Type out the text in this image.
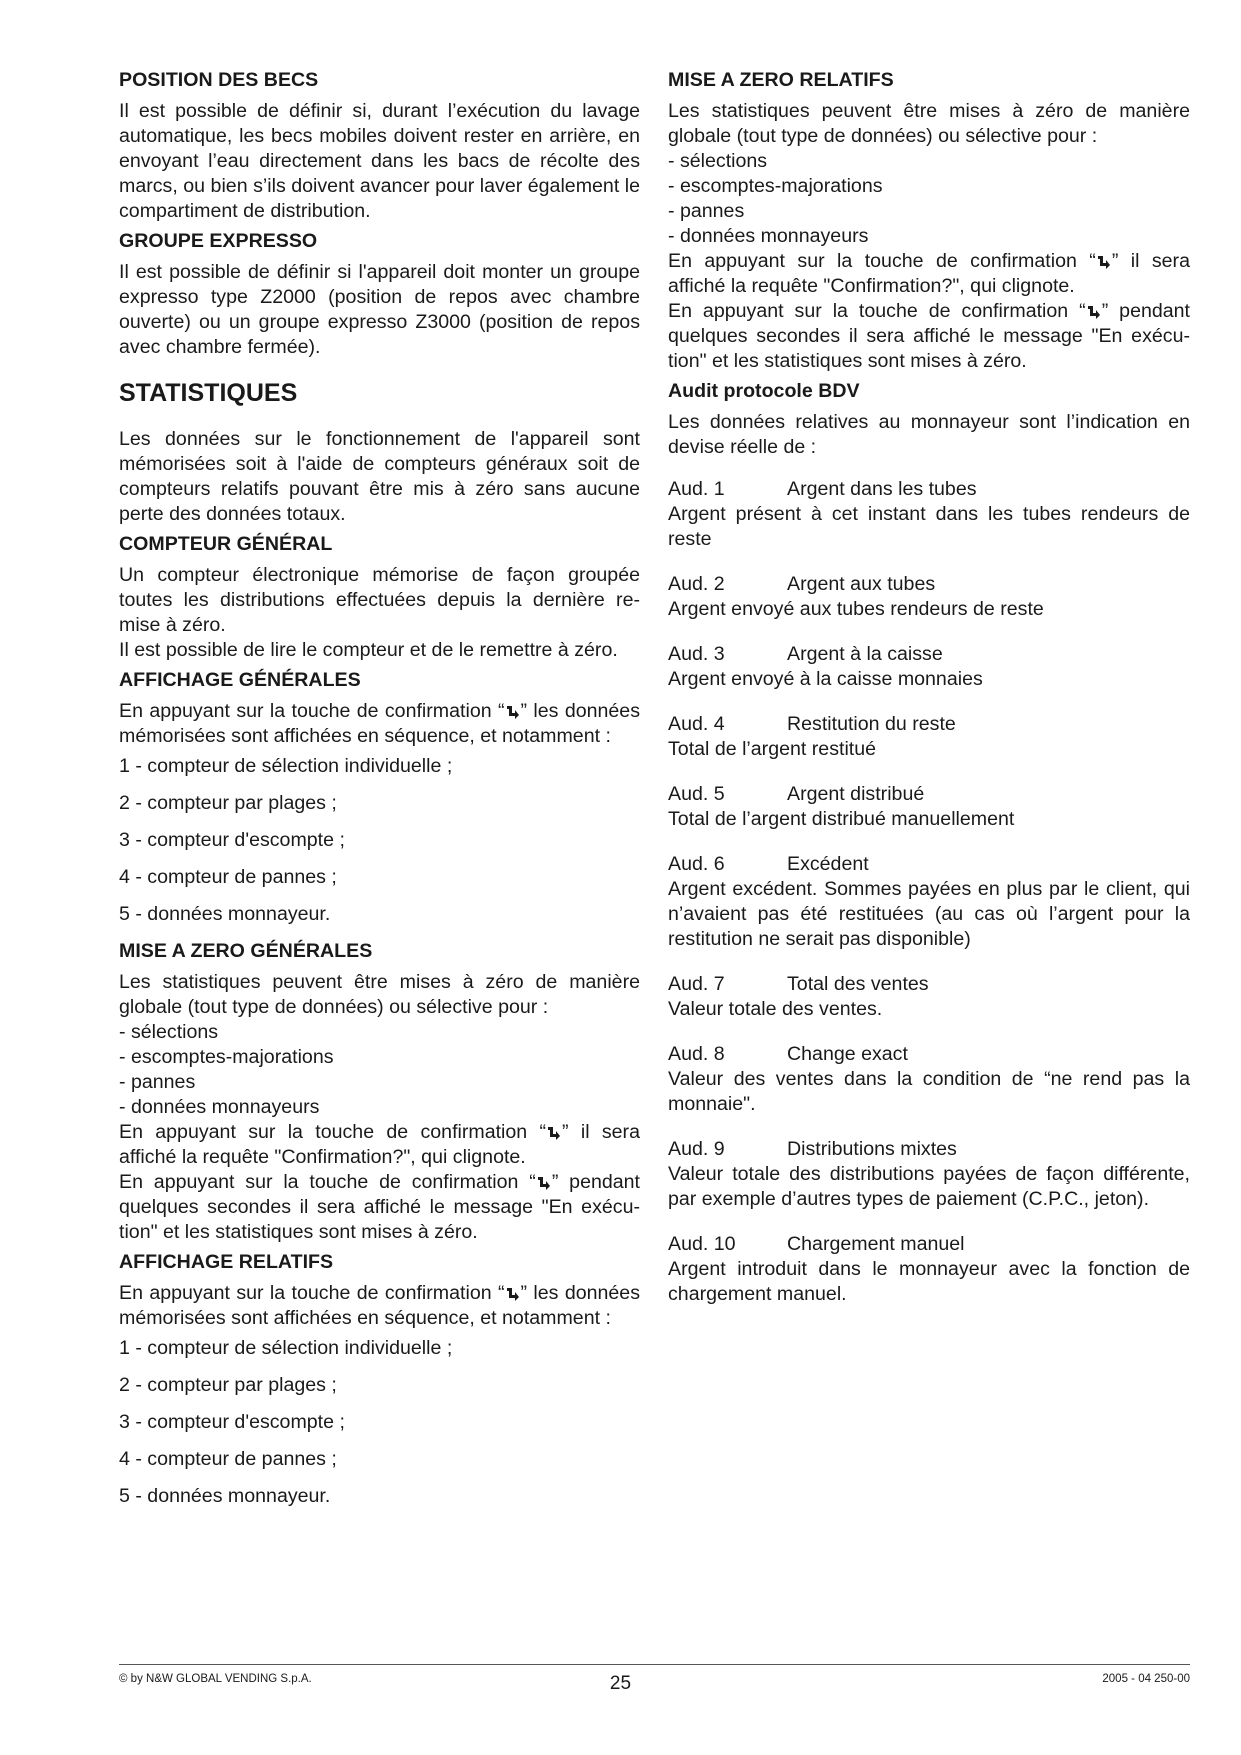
POSITION DES BECS
Il est possible de définir si, durant l’exécution du lavage automatique, les becs mobiles doivent rester en arrière, en envoyant l’eau directement dans les bacs de récolte des marcs, ou bien s’ils doivent avancer pour laver également le compartiment de distribution.
GROUPE EXPRESSO
Il est possible de définir si l'appareil doit monter un groupe expresso type Z2000 (position de repos avec chambre ouverte) ou un groupe expresso Z3000 (position de repos avec chambre fermée).
STATISTIQUES
Les données sur le fonctionnement de l'appareil sont mémorisées soit à l'aide de compteurs généraux soit de compteurs relatifs pouvant être mis à zéro sans aucune perte des données totaux.
COMPTEUR GÉNÉRAL
Un compteur électronique mémorise de façon groupée toutes les distributions effectuées depuis la dernière re-mise à zéro.
Il est possible de lire le compteur et de le remettre à zéro.
AFFICHAGE GÉNÉRALES
En appuyant sur la touche de confirmation “ ” les données mémorisées sont affichées en séquence, et notamment :
1 - compteur de sélection individuelle ;
2 - compteur par plages ;
3 - compteur d'escompte ;
4 - compteur de pannes ;
5 - données monnayeur.
MISE A ZERO GÉNÉRALES
Les statistiques peuvent être mises à zéro de manière globale (tout type de données) ou sélective pour :
- sélections
- escomptes-majorations
- pannes
- données monnayeurs
En appuyant sur la touche de confirmation “ ” il sera affiché la requête "Confirmation?", qui clignote.
En appuyant sur la touche de confirmation “ ” pendant quelques secondes il sera affiché le message "En exécu-tion" et les statistiques sont mises à zéro.
AFFICHAGE RELATIFS
En appuyant sur la touche de confirmation “ ” les données mémorisées sont affichées en séquence, et notamment :
1 - compteur de sélection individuelle ;
2 - compteur par plages ;
3 - compteur d'escompte ;
4 - compteur de pannes ;
5 - données monnayeur.
MISE A ZERO RELATIFS
Les statistiques peuvent être mises à zéro de manière globale (tout type de données) ou sélective pour :
- sélections
- escomptes-majorations
- pannes
- données monnayeurs
En appuyant sur la touche de confirmation “ ” il sera affiché la requête "Confirmation?", qui clignote.
En appuyant sur la touche de confirmation “ ” pendant quelques secondes il sera affiché le message "En exécu-tion" et les statistiques sont mises à zéro.
Audit protocole BDV
Les données relatives au monnayeur sont l’indication en devise réelle de :
Aud. 1	Argent dans les tubes
Argent présent à cet instant dans les tubes rendeurs de reste
Aud. 2	Argent aux tubes
Argent envoyé aux tubes rendeurs de reste
Aud. 3	Argent à la caisse
Argent envoyé à la caisse monnaies
Aud. 4	Restitution du reste
Total de l’argent restitué
Aud. 5	Argent distribué
Total de l’argent distribué manuellement
Aud. 6	Excédent
Argent excédent. Sommes payées en plus par le client, qui n’avaient pas été restituées (au cas où l’argent pour la restitution ne serait pas disponible)
Aud. 7	Total des ventes
Valeur totale des ventes.
Aud. 8	Change exact
Valeur des ventes dans la condition de “ne rend pas la monnaie".
Aud. 9	Distributions mixtes
Valeur totale des distributions payées de façon différente, par exemple d’autres types de paiement (C.P.C., jeton).
Aud. 10	Chargement manuel
Argent introduit dans le monnayeur avec la fonction de chargement manuel.
© by N&W GLOBAL VENDING S.p.A.	25	2005 - 04 250-00
